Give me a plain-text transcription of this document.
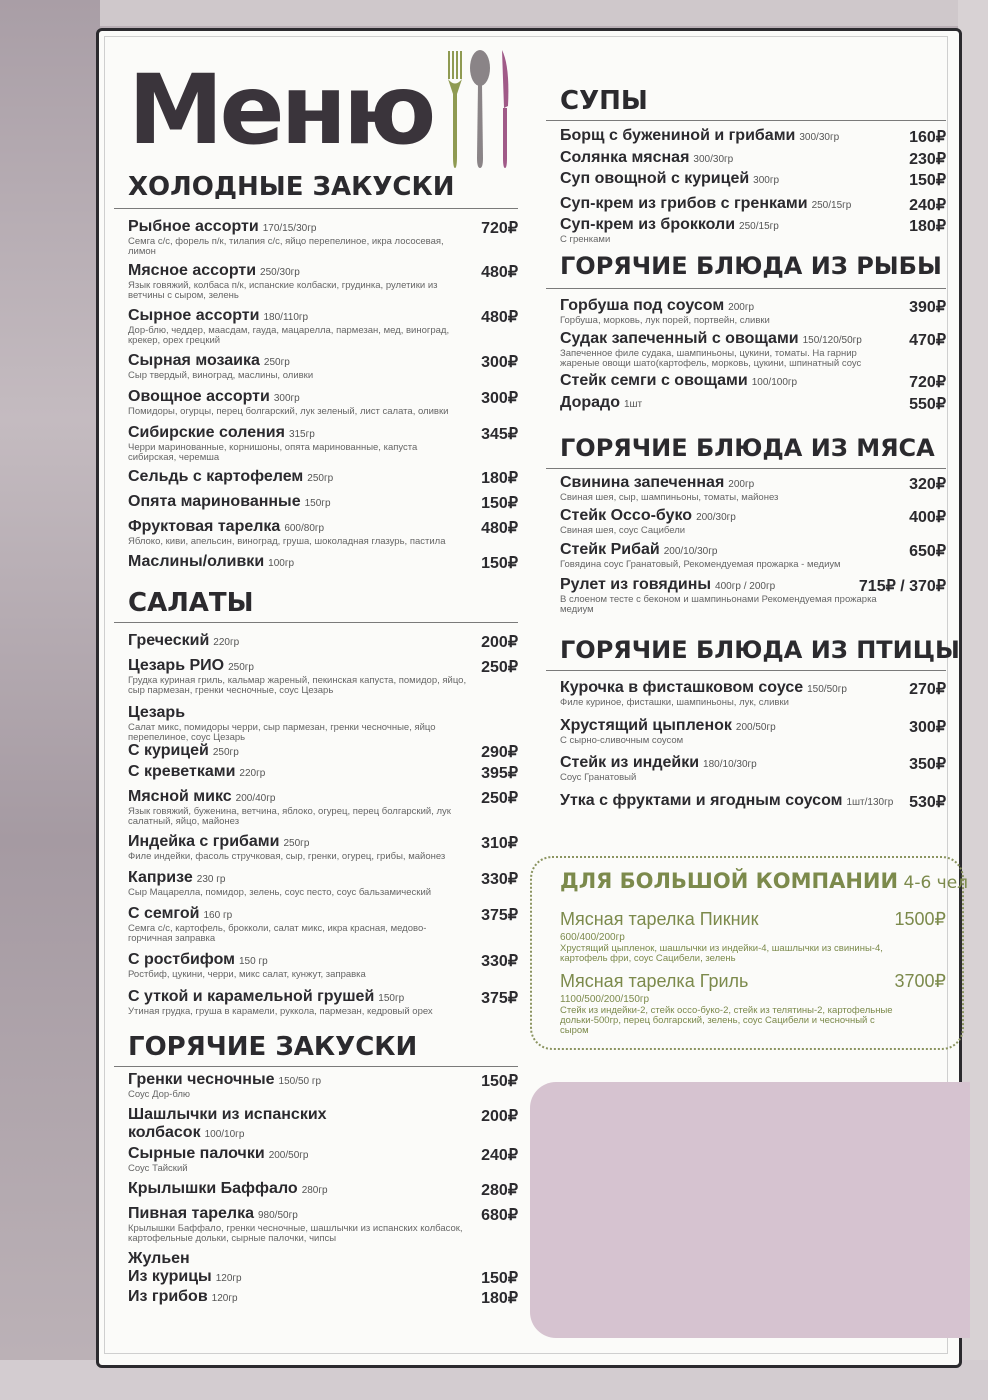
Меню
ХОЛОДНЫЕ ЗАКУСКИ
Рыбное ассорти 170/15/30гр
Семга с/с, форель п/к, тилапия с/с, яйцо перепелиное, икра лососевая, лимон
720₽
Мясное ассорти 250/30гр
Язык говяжий, колбаса п/к, испанские колбаски, грудинка, рулетики из ветчины с сыром, зелень
480₽
Сырное ассорти 180/110гр
Дор-блю, чеддер, маасдам, гауда, мацарелла, пармезан, мед, виноград, крекер, орех грецкий
480₽
Сырная мозаика 250гр
Сыр твердый, виноград, маслины, оливки
300₽
Овощное ассорти 300гр
Помидоры, огурцы, перец болгарский, лук зеленый, лист салата, оливки
300₽
Сибирские соления 315гр
Черри маринованные, корнишоны, опята маринованные, капуста сибирская, черемша
345₽
Сельдь с картофелем 250гр	180₽
Опята маринованные 150гр	150₽
Фруктовая тарелка 600/80гр
Яблоко, киви, апельсин, виноград, груша, шоколадная глазурь, пастила
480₽
Маслины/оливки 100гр	150₽
САЛАТЫ
Греческий 220гр	200₽
Цезарь РИО 250гр
Грудка куриная гриль, кальмар жареный, пекинская капуста, помидор, яйцо, сыр пармезан, гренки чесночные, соус Цезарь
250₽
Цезарь
Салат микс, помидоры черри, сыр пармезан, гренки чесночные, яйцо перепелиное, соус Цезарь
С курицей 250гр	290₽
С креветками 220гр	395₽
Мясной микс 200/40гр
Язык говяжий, буженина, ветчина, яблоко, огурец, перец болгарский, лук салатный, яйцо, майонез
250₽
Индейка с грибами 250гр
Филе индейки, фасоль стручковая, сыр, гренки, огурец, грибы, майонез
310₽
Капризе 230 гр
Сыр Мацарелла, помидор, зелень, соус песто, соус бальзамический
330₽
С семгой 160 гр
Семга с/с, картофель, брокколи, салат микс, икра красная, медово-горчичная заправка
375₽
С ростбифом 150 гр
Ростбиф, цукини, черри, микс салат, кунжут, заправка
330₽
С уткой и карамельной грушей 150гр
Утиная грудка, груша в карамели, руккола, пармезан, кедровый орех
375₽
ГОРЯЧИЕ ЗАКУСКИ
Гренки чесночные 150/50 гр
Соус Дор-блю
150₽
Шашлычки из испанских
колбасок 100/10гр
200₽
Сырные палочки 200/50гр
Соус Тайский
240₽
Крылышки Баффало 280гр	280₽
Пивная тарелка 980/50гр
Крылышки Баффало, гренки чесночные, шашлычки из испанских колбасок, картофельные дольки, сырные палочки, чипсы
680₽
Жульен
Из курицы 120гр	150₽
Из грибов 120гр	180₽
СУПЫ
Борщ с бужениной и грибами 300/30гр	160₽
Солянка мясная 300/30гр	230₽
Суп овощной с курицей 300гр	150₽
Суп-крем из грибов с гренками 250/15гр	240₽
Суп-крем из брокколи 250/15гр
С гренками
180₽
ГОРЯЧИЕ БЛЮДА ИЗ РЫБЫ
Горбуша под соусом 200гр
Горбуша, морковь, лук порей, портвейн, сливки
390₽
Судак запеченный с овощами 150/120/50гр
Запеченное филе судака, шампиньоны, цукини, томаты. На гарнир жареные овощи шато(картофель, морковь, цукини, шпинатный соус
470₽
Стейк семги с овощами 100/100гр	720₽
Дорадо 1шт	550₽
ГОРЯЧИЕ БЛЮДА ИЗ МЯСА
Свинина запеченная 200гр
Свиная шея, сыр, шампиньоны, томаты, майонез
320₽
Стейк Оссо-буко 200/30гр
Свиная шея, соус Сацибели
400₽
Стейк Рибай 200/10/30гр
Говядина соус Гранатовый, Рекомендуемая прожарка - медиум
650₽
Рулет из говядины 400гр / 200гр
В слоеном тесте с беконом и шампиньонами Рекомендуемая прожарка медиум
715₽ / 370₽
ГОРЯЧИЕ БЛЮДА ИЗ ПТИЦЫ
Курочка в фисташковом соусе 150/50гр
Филе куриное, фисташки, шампиньоны, лук, сливки
270₽
Хрустящий цыпленок 200/50гр
С сырно-сливочным соусом
300₽
Стейк из индейки 180/10/30гр
Соус Гранатовый
350₽
Утка с фруктами и ягодным соусом 1шт/130гр 530₽
ДЛЯ БОЛЬШОЙ КОМПАНИИ 4-6 чел
Мясная тарелка Пикник
600/400/200гр
Хрустящий цыпленок, шашлычки из индейки-4, шашлычки из свинины-4, картофель фри, соус Сацибели, зелень
1500₽
Мясная тарелка Гриль
1100/500/200/150гр
Стейк из индейки-2, стейк оссо-буко-2, стейк из телятины-2, картофельные дольки-500гр, перец болгарский, зелень, соус Сацибели и чесночный с сыром
3700₽
